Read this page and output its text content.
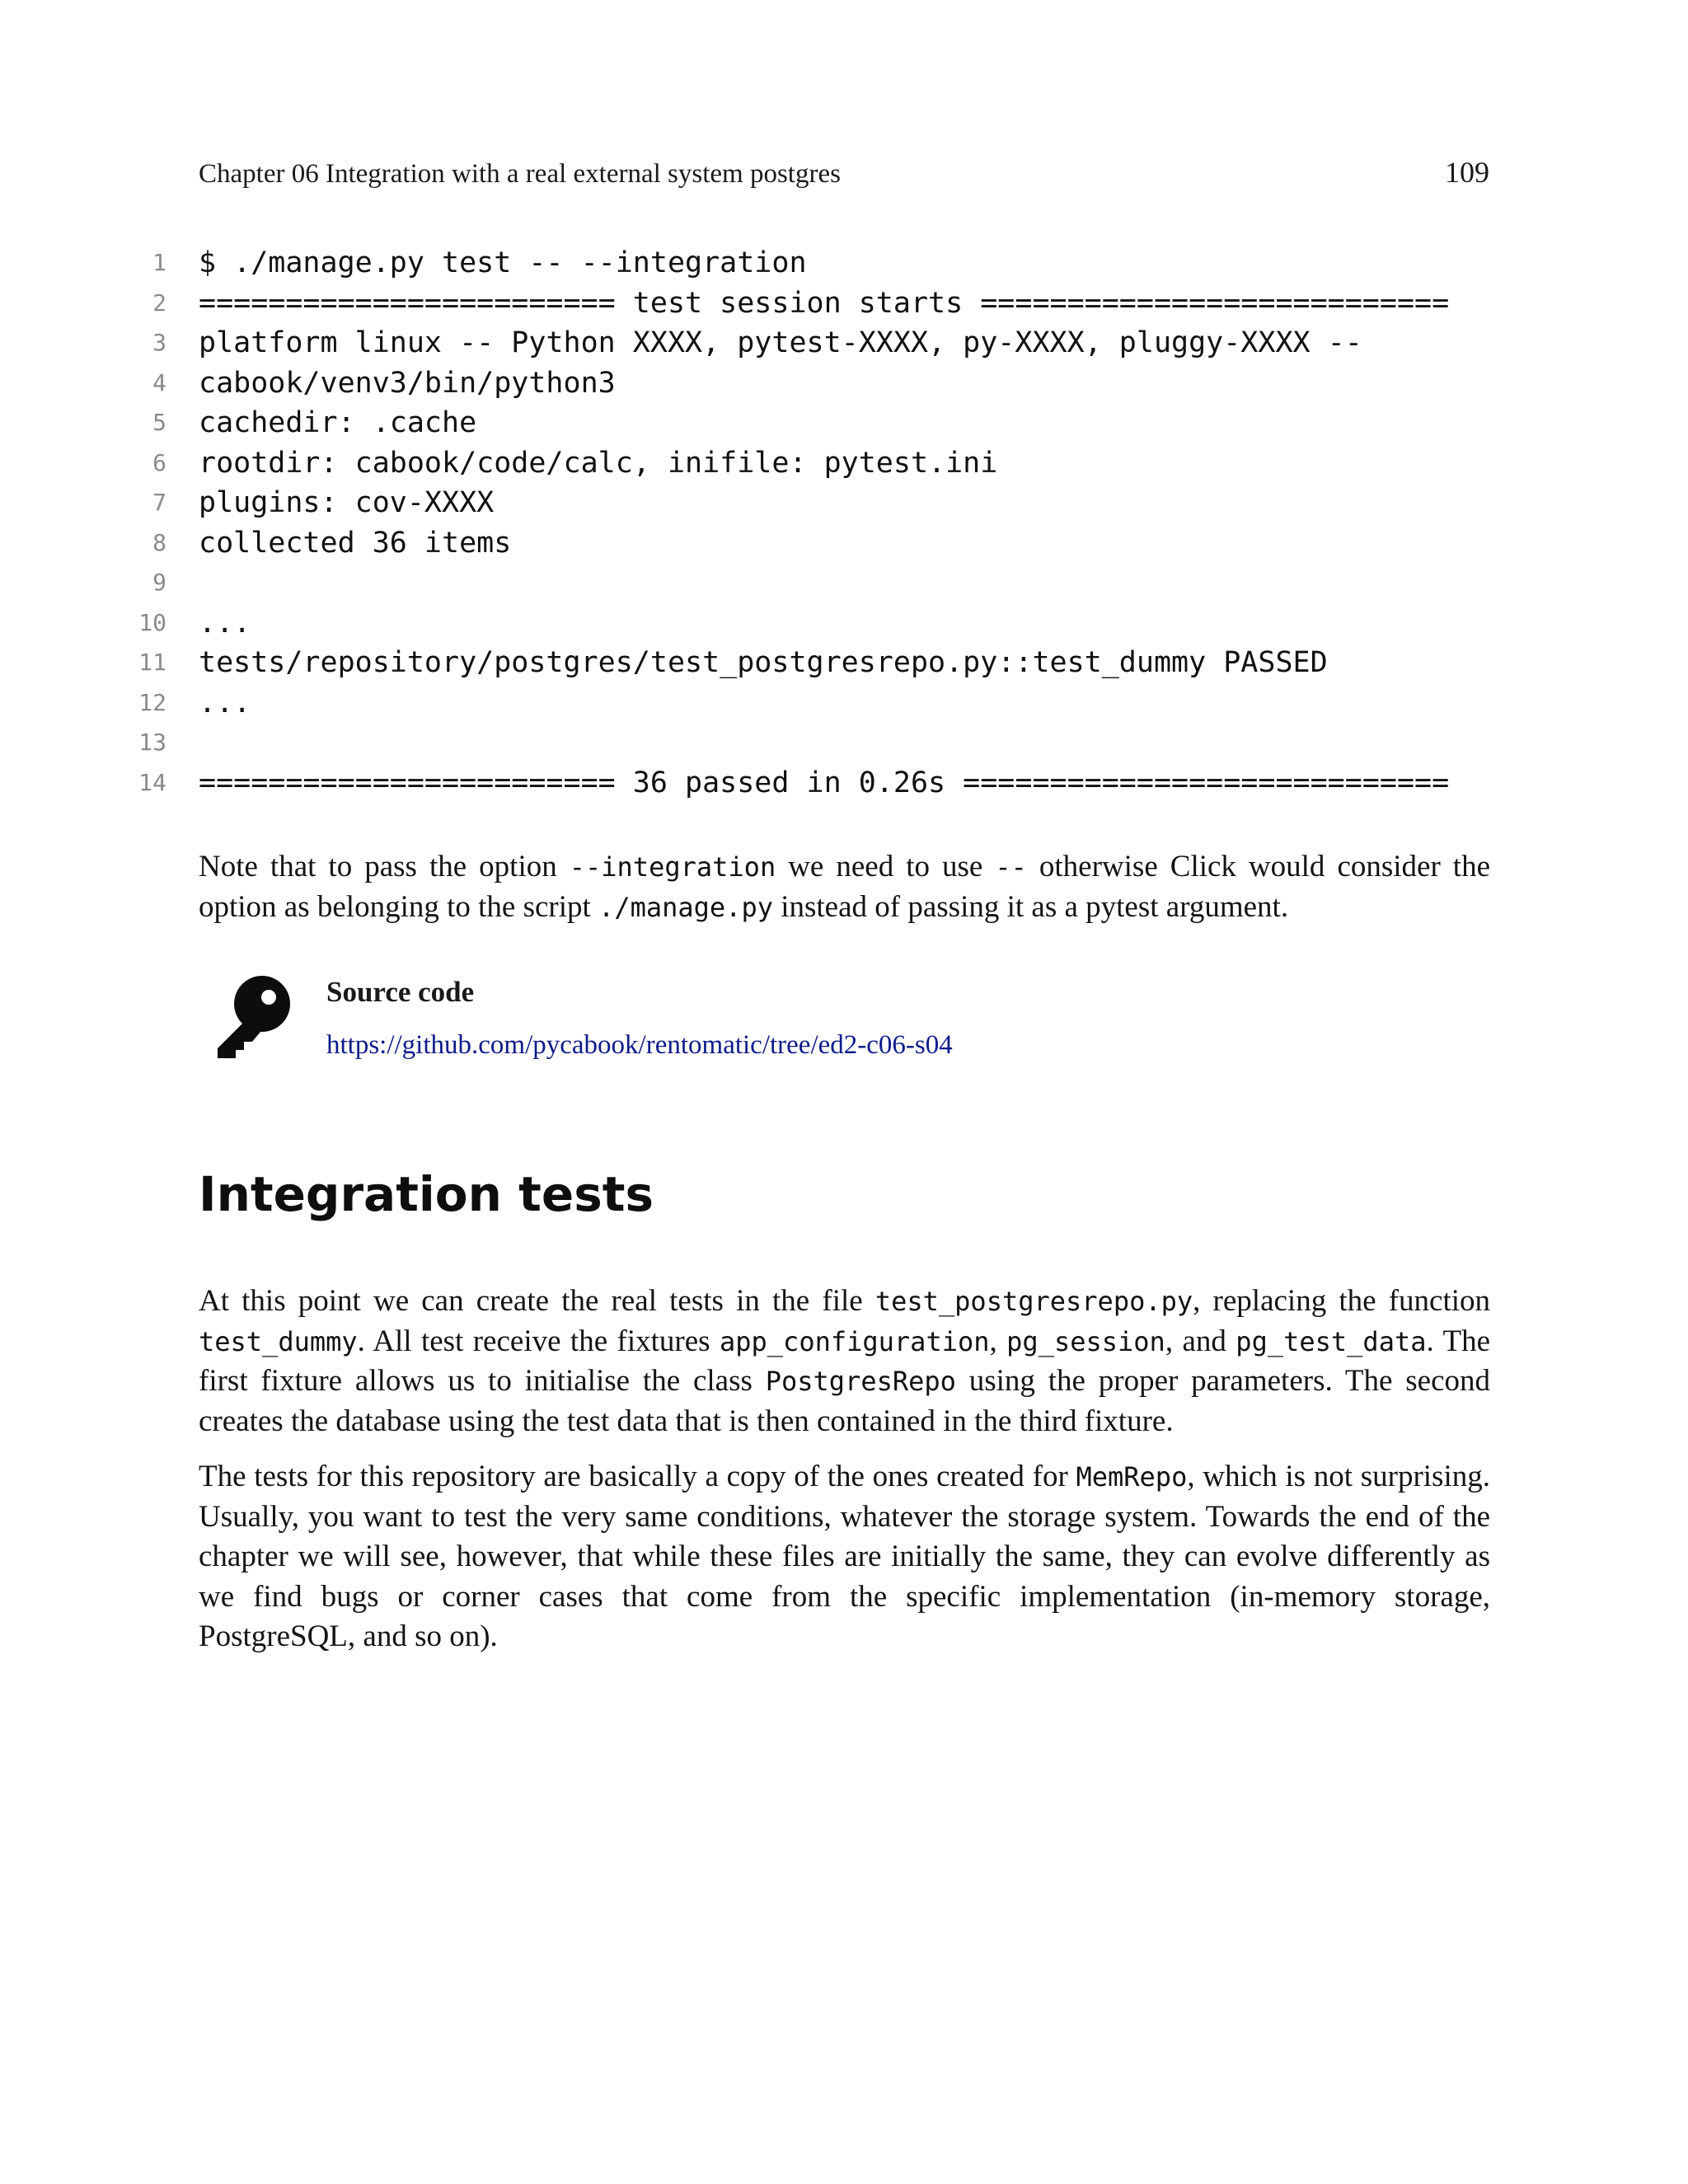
Chapter 06 Integration with a real external system postgres	109
1 $ ./manage.py test -- --integration
2 ======================== test session starts ===========================
3 platform linux -- Python XXXX, pytest-XXXX, py-XXXX, pluggy-XXXX --
4 cabook/venv3/bin/python3
5 cachedir: .cache
6 rootdir: cabook/code/calc, inifile: pytest.ini
7 plugins: cov-XXXX
8 collected 36 items
9
10 ...
11 tests/repository/postgres/test_postgresrepo.py::test_dummy PASSED
12 ...
13
14 ======================== 36 passed in 0.26s ============================

Note that to pass the option --integration we need to use -- otherwise Click would consider the option as belonging to the script ./manage.py instead of passing it as a pytest argument.

Source code
https://github.com/pycabook/rentomatic/tree/ed2-c06-s04
Integration tests

At this point we can create the real tests in the file test_postgresrepo.py, replacing the function test_dummy. All test receive the fixtures app_configuration, pg_session, and pg_test_data. The first fixture allows us to initialise the class PostgresRepo using the proper parameters. The second creates the database using the test data that is then contained in the third fixture.

The tests for this repository are basically a copy of the ones created for MemRepo, which is not surprising. Usually, you want to test the very same conditions, whatever the storage system. Towards the end of the chapter we will see, however, that while these files are initially the same, they can evolve differently as we find bugs or corner cases that come from the specific implementation (in-memory storage, PostgreSQL, and so on).
